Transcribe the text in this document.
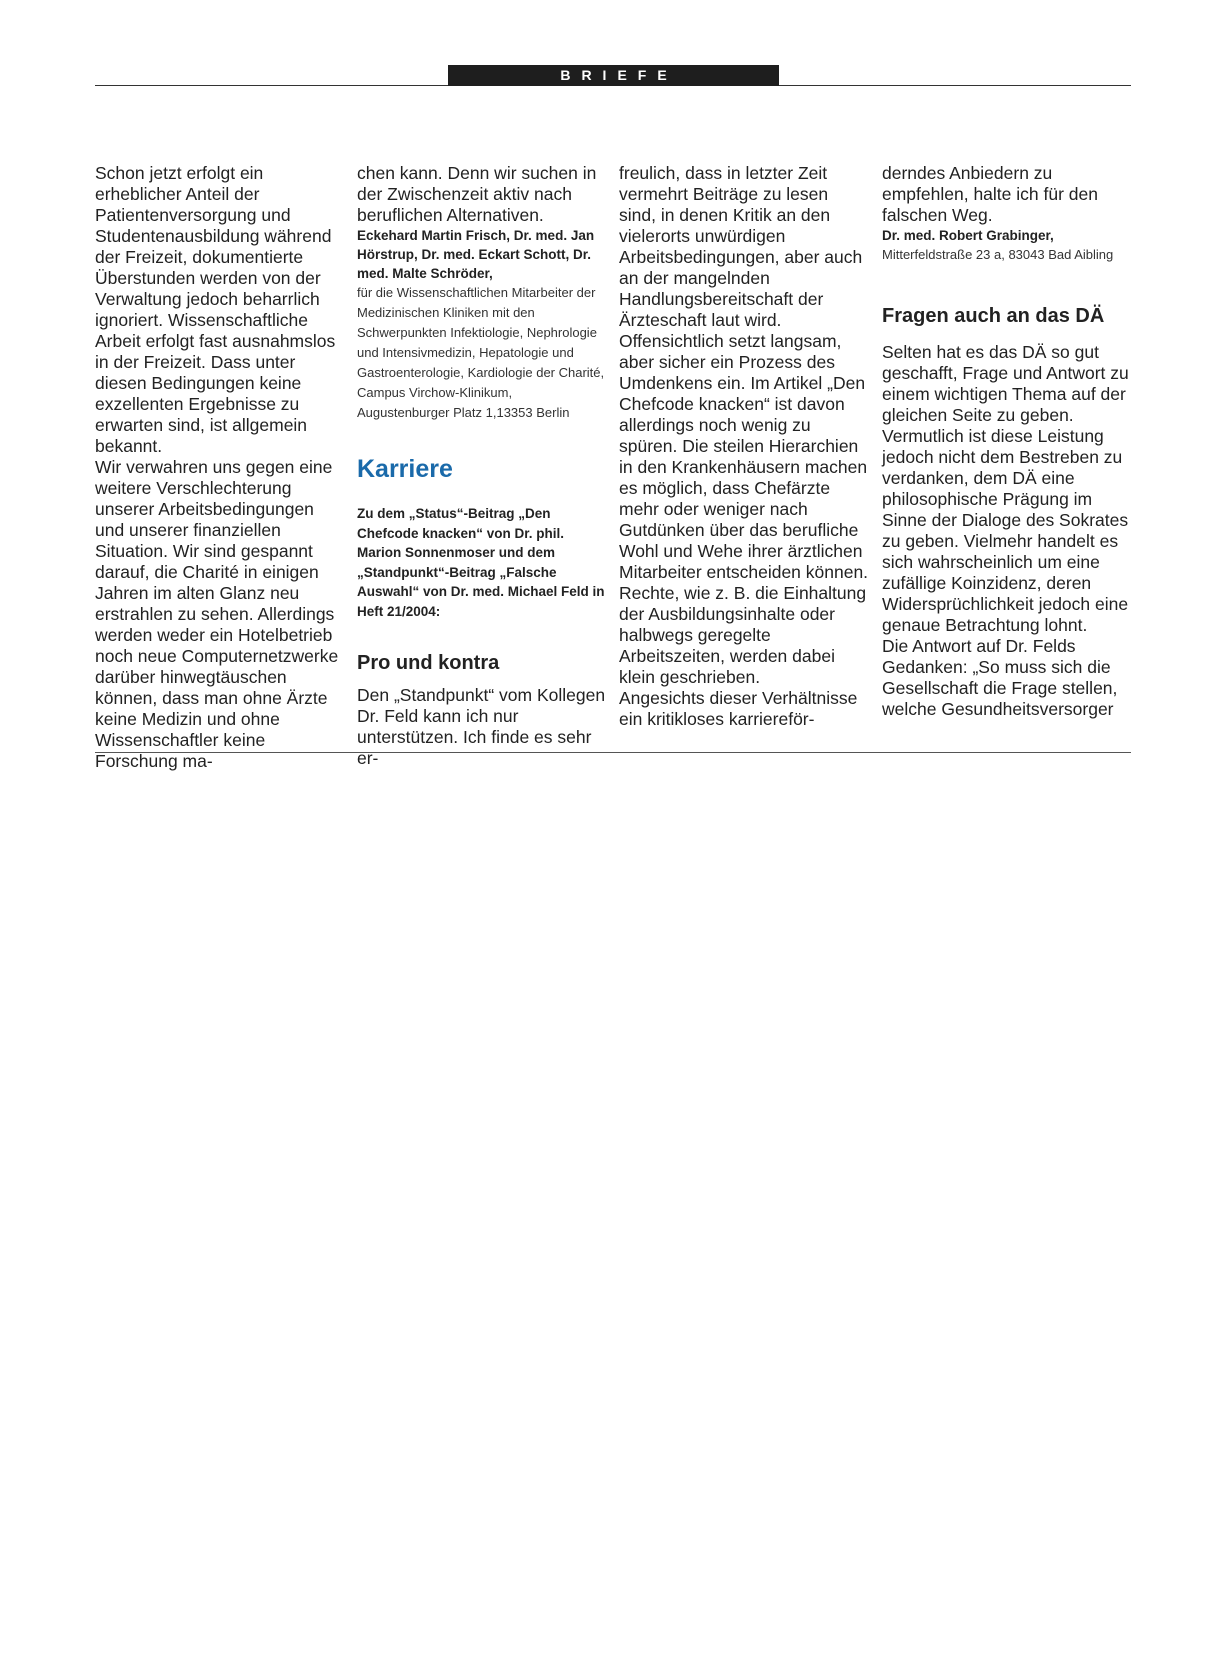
BRIEFE

Schon jetzt erfolgt ein erheblicher Anteil der Patientenversorgung und Studentenausbildung während der Freizeit, dokumentierte Überstunden werden von der Verwaltung jedoch beharrlich ignoriert. Wissenschaftliche Arbeit erfolgt fast ausnahmslos in der Freizeit. Dass unter diesen Bedingungen keine exzellenten Ergebnisse zu erwarten sind, ist allgemein bekannt.

Wir verwahren uns gegen eine weitere Verschlechterung unserer Arbeitsbedingungen und unserer finanziellen Situation. Wir sind gespannt darauf, die Charité in einigen Jahren im alten Glanz neu erstrahlen zu sehen. Allerdings werden weder ein Hotelbetrieb noch neue Computernetzwerke darüber hinwegtäuschen können, dass man ohne Ärzte keine Medizin und ohne Wissenschaftler keine Forschung ma-

chen kann. Denn wir suchen in der Zwischenzeit aktiv nach beruflichen Alternativen.

Eckehard Martin Frisch, Dr. med. Jan Hörstrup, Dr. med. Eckart Schott, Dr. med. Malte Schröder,

für die Wissenschaftlichen Mitarbeiter der Medizinischen Kliniken mit den Schwerpunkten Infektiologie, Nephrologie und Intensivmedizin, Hepatologie und Gastroenterologie, Kardiologie der Charité, Campus Virchow-Klinikum, Augustenburger Platz 1,13353 Berlin

Karriere

Zu dem „Status“-Beitrag „Den Chefcode knacken“ von Dr. phil. Marion Sonnenmoser und dem „Standpunkt“-Beitrag „Falsche Auswahl“ von Dr. med. Michael Feld in Heft 21/2004:

Pro und kontra

Den „Standpunkt“ vom Kollegen Dr. Feld kann ich nur unterstützen. Ich finde es sehr er-

freulich, dass in letzter Zeit vermehrt Beiträge zu lesen sind, in denen Kritik an den vielerorts unwürdigen Arbeitsbedingungen, aber auch an der mangelnden Handlungsbereitschaft der Ärzteschaft laut wird. Offensichtlich setzt langsam, aber sicher ein Prozess des Umdenkens ein. Im Artikel „Den Chefcode knacken“ ist davon allerdings noch wenig zu spüren. Die steilen Hierarchien in den Krankenhäusern machen es möglich, dass Chefärzte mehr oder weniger nach Gutdünken über das berufliche Wohl und Wehe ihrer ärztlichen Mitarbeiter entscheiden können. Rechte, wie z. B. die Einhaltung der Ausbildungsinhalte oder halbwegs geregelte Arbeitszeiten, werden dabei klein geschrieben.

Angesichts dieser Verhältnisse ein kritikloses karriereför-

derndes Anbiedern zu empfehlen, halte ich für den falschen Weg.

Dr. med. Robert Grabinger,

Mitterfeldstraße 23 a, 83043 Bad Aibling

Fragen auch an das DÄ

Selten hat es das DÄ so gut geschafft, Frage und Antwort zu einem wichtigen Thema auf der gleichen Seite zu geben. Vermutlich ist diese Leistung jedoch nicht dem Bestreben zu verdanken, dem DÄ eine philosophische Prägung im Sinne der Dialoge des Sokrates zu geben. Vielmehr handelt es sich wahrscheinlich um eine zufällige Koinzidenz, deren Widersprüchlichkeit jedoch eine genaue Betrachtung lohnt.

Die Antwort auf Dr. Felds Gedanken: „So muss sich die Gesellschaft die Frage stellen, welche Gesundheitsversorger
